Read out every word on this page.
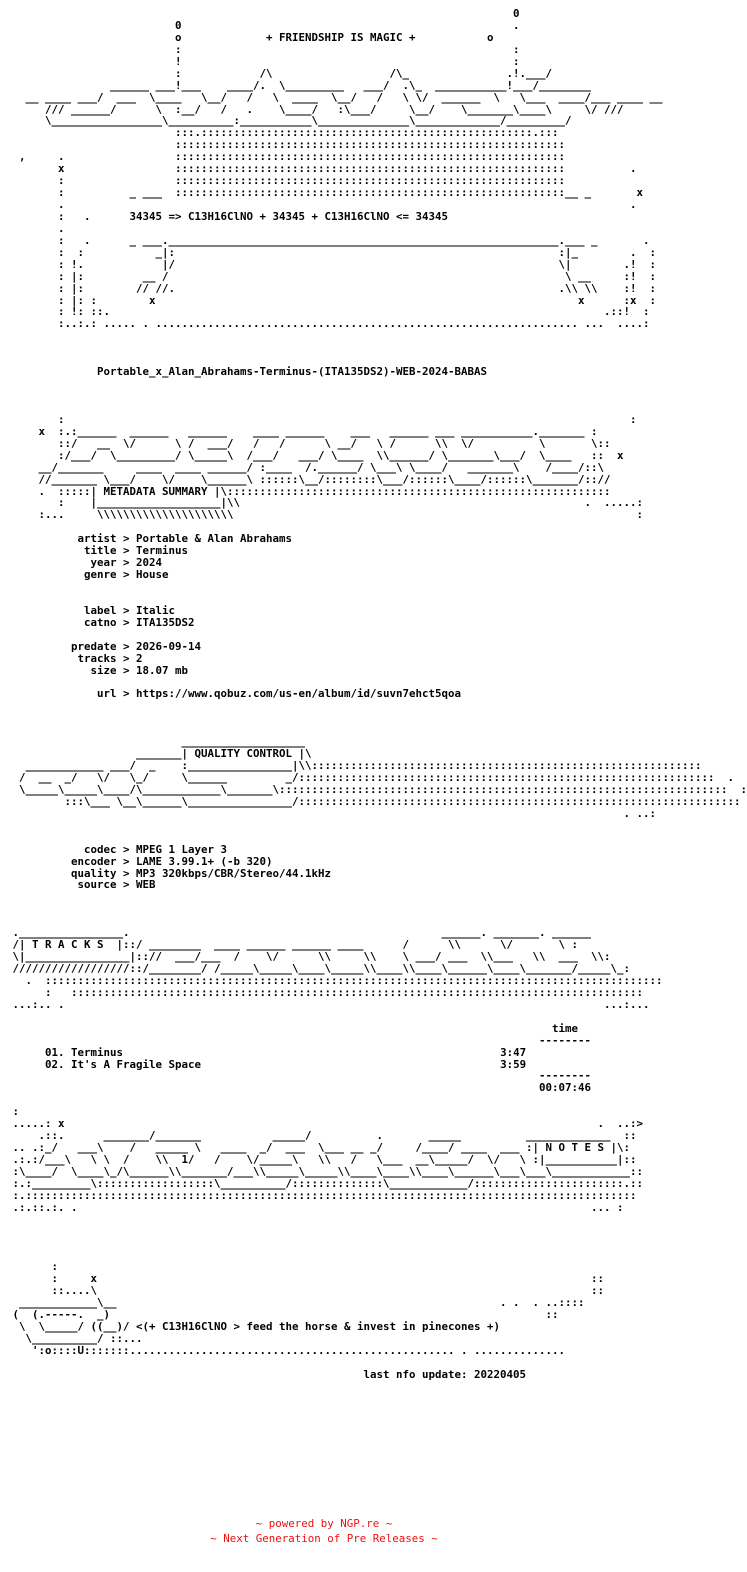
0
0                                                   .
o	+ FRIENDSHIP IS MAGIC +	o
:                                                   :
!                                                   :
:            /\                  /\_               .!.___/
______ ___!___    ____/.  \_________   ___/  .\_  ___________!___/________
__ ____ ___/  ___  \____   \__/   /   \  ____  \__/   /   \ \/  ______  \   \___  ____/___ ____ __
/// ______/      \  :__/   /   .    \____/   :\___/     \__/    \_______\____\     \/ ///
\_________________\__________:___________\______________\_____________/_________/
:::.:::::::::::::::::::::::::::::::::::::::::::::::::::.:::
::::::::::::::::::::::::::::::::::::::::::::::::::::::::::::
,     .                 ::::::::::::::::::::::::::::::::::::::::::::::::::::::::::::
x                 ::::::::::::::::::::::::::::::::::::::::::::::::::::::::::::          .
:                 ::::::::::::::::::::::::::::::::::::::::::::::::::::::::::::
:          _ ___  ::::::::::::::::::::::::::::::::::::::::::::::::::::::::::::__ _       x
.                                                                                       .
:   .	34345 => C13H16ClNO + 34345 + C13H16ClNO <= 34345
.
:   .      _ ___.____________________________________________________________.___ _       .
:  :           _|:                                                           :|_        .  :
: !.            |/                                                           \|        .!  :
: |:         __ /                                                             \ __     :!  :
: |:        // //.                                                           .\\ \\    :!  :
: |: :        x                                                                 x      :x  :
: !: ::.                                                                            .::!  :
:..:.: ..... . ................................................................. ...  ....:

Portable_x_Alan_Abrahams-Terminus-(ITA135DS2)-WEB-2024-BABAS

:                                                                                       :
x  :.:______  ______   ______    ____ ______    ___   ______ ___ ___________._______ :
::/   __  \/      \ /  ___/   /   /      \ __/   \ /      \\  \/          \       \::
:/___/  \_________/ \_____\  /___/   ___/ \____  \\______/ \_______\___/  \____   ::  x
__/_______     ____  ____ ______/ :____  /.______/ \___\ \____/   _______\    /____/::\
//_______ \___/    \/    \______\ ::::::\__/::::::::\___/::::::\____/::::::\_______/:://
.  :::::| METADATA SUMMARY |\:::::::::::::::::::::::::::::::::::::::::::::::::::::::::::
:    |___________________|\\                                                     .  .....:
:...     \\\\\\\\\\\\\\\\\\\\\                                                              :

artist > Portable & Alan Abrahams
title > Terminus
year > 2024
genre > House

label > Italic
catno > ITA135DS2

predate > 2026-09-14
tracks > 2
size > 18.07 mb

url > https://www.qobuz.com/us-en/album/id/suvn7ehct5qoa

___________________
_______| QUALITY CONTROL |\
____________ ___/  _    :________________|\\::::::::::::::::::::::::::::::::::::::::::::::::::::::::::::
/  __  _/   \/   \_/     \______         _/::::::::::::::::::::::::::::::::::::::::::::::::::::::::::::::::  .
\_____\_____\____/\____________\_______\:::::::::::::::::::::::::::::::::::::::::::::::::::::::::::::::::::::  :
:::\___ \__\______\________________/::::::::::::::::::::::::::::::::::::::::::::::::::::::::::::::::::::
. ..:

codec > MPEG 1 Layer 3
encoder > LAME 3.99.1+ (-b 320)
quality > MP3 320kbps/CBR/Stereo/44.1kHz
source > WEB

.________________.                                                ______. _______. ______
/| T R A C K S  |::/ ________  ____ ______ ______ ____      /      \\      \/       \ :
\|________________|:://  ___/___  /    \/      \\     \\    \ ___/ ___  \\___   \\  ___  \\:
//////////////////::/________/ /_____\_____\____\_____\\____\\____\______\____\_______/_____\_:
.  :::::::::::::::::::::::::::::::::::::::::::::::::::::::::::::::::::::::::::::::::::::::::::::::
:   ::::::::::::::::::::::::::::::::::::::::::::::::::::::::::::::::::::::::::::::::::::::::
...:.. .                                                                                   ...:...

time
--------
01. Terminus	3:47
02. It's A Fragile Space	3:59
--------
00:07:46

:
.....: x                                                                                  .  ..:>
.::.      _______/_______           _____/          .       _____          _____________  ::
.. .:_/   ___\    /   _____ \   ____  _/  ___  \___ __ _/     /____/ ____  ___ :| N O T E S |\:
.:.:/___\   \ \  /    \\  1/   /    \/_____\   \\   /   \___  __\_____/  \/   \ :|___________|::
:\____/  \____\_/\______\\_______/___\\_____\_____\\____\____\\____\______\___\___\____________::
:.:_________\::::::::::::::::::\__________/::::::::::::::\____________/:::::::::::::::::::::::.::
:.::::::::::::::::::::::::::::::::::::::::::::::::::::::::::::::::::::::::::::::::::::::::::::::
.:.::.:. .                                                                               ... :

:
:     x                                                                            ::
::....\                                                                            ::
____________\__                                                           . .  . ..::::
(  (.-----.  _)                                                                   ::
\  \_____/ ((__)/ <(+ C13H16ClNO > feed the horse & invest in pinecones +)
\__________/ ::...
':o::::U:::::::.................................................. . ..............

last nfo update: 20220405
~ powered by NGP.re ~
~ Next Generation of Pre Releases ~
